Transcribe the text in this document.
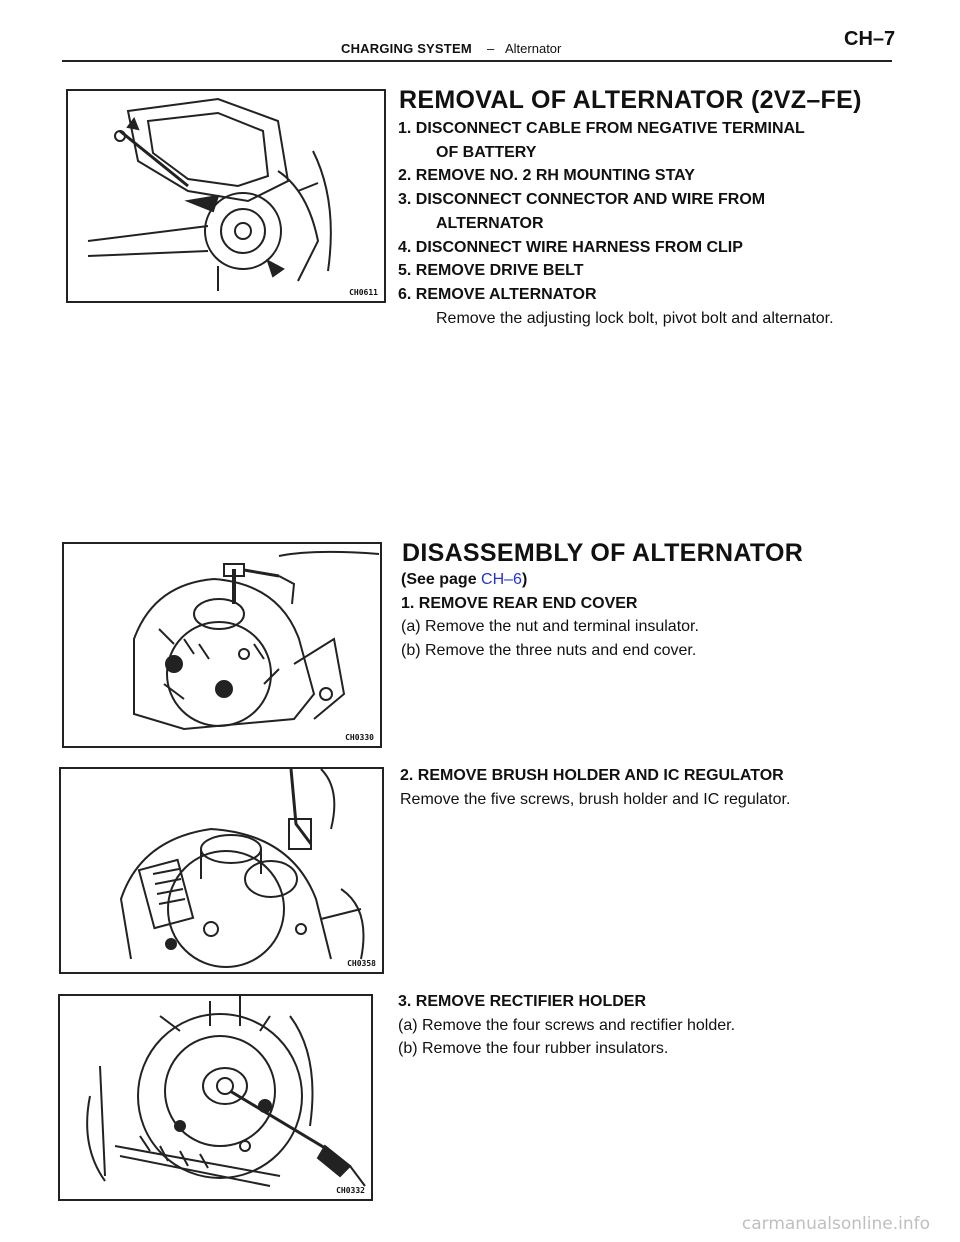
CHARGING SYSTEM – Alternator	CH–7
CH0611
REMOVAL OF ALTERNATOR (2VZ–FE)
1. DISCONNECT CABLE FROM NEGATIVE TERMINAL
OF BATTERY
2. REMOVE NO. 2 RH MOUNTING STAY
3. DISCONNECT CONNECTOR AND WIRE FROM
ALTERNATOR
4. DISCONNECT WIRE HARNESS FROM CLIP
5. REMOVE DRIVE BELT
6. REMOVE ALTERNATOR
Remove the adjusting lock bolt, pivot bolt and alternator.
CH0330
DISASSEMBLY OF ALTERNATOR
(See page CH–6)
1. REMOVE REAR END COVER
(a) Remove the nut and terminal insulator.
(b) Remove the three nuts and end cover.
CH0358
2. REMOVE BRUSH HOLDER AND IC REGULATOR
Remove the five screws, brush holder and IC regulator.
CH0332
3. REMOVE RECTIFIER HOLDER
(a) Remove the four screws and rectifier holder.
(b) Remove the four rubber insulators.
carmanualsonline.info
